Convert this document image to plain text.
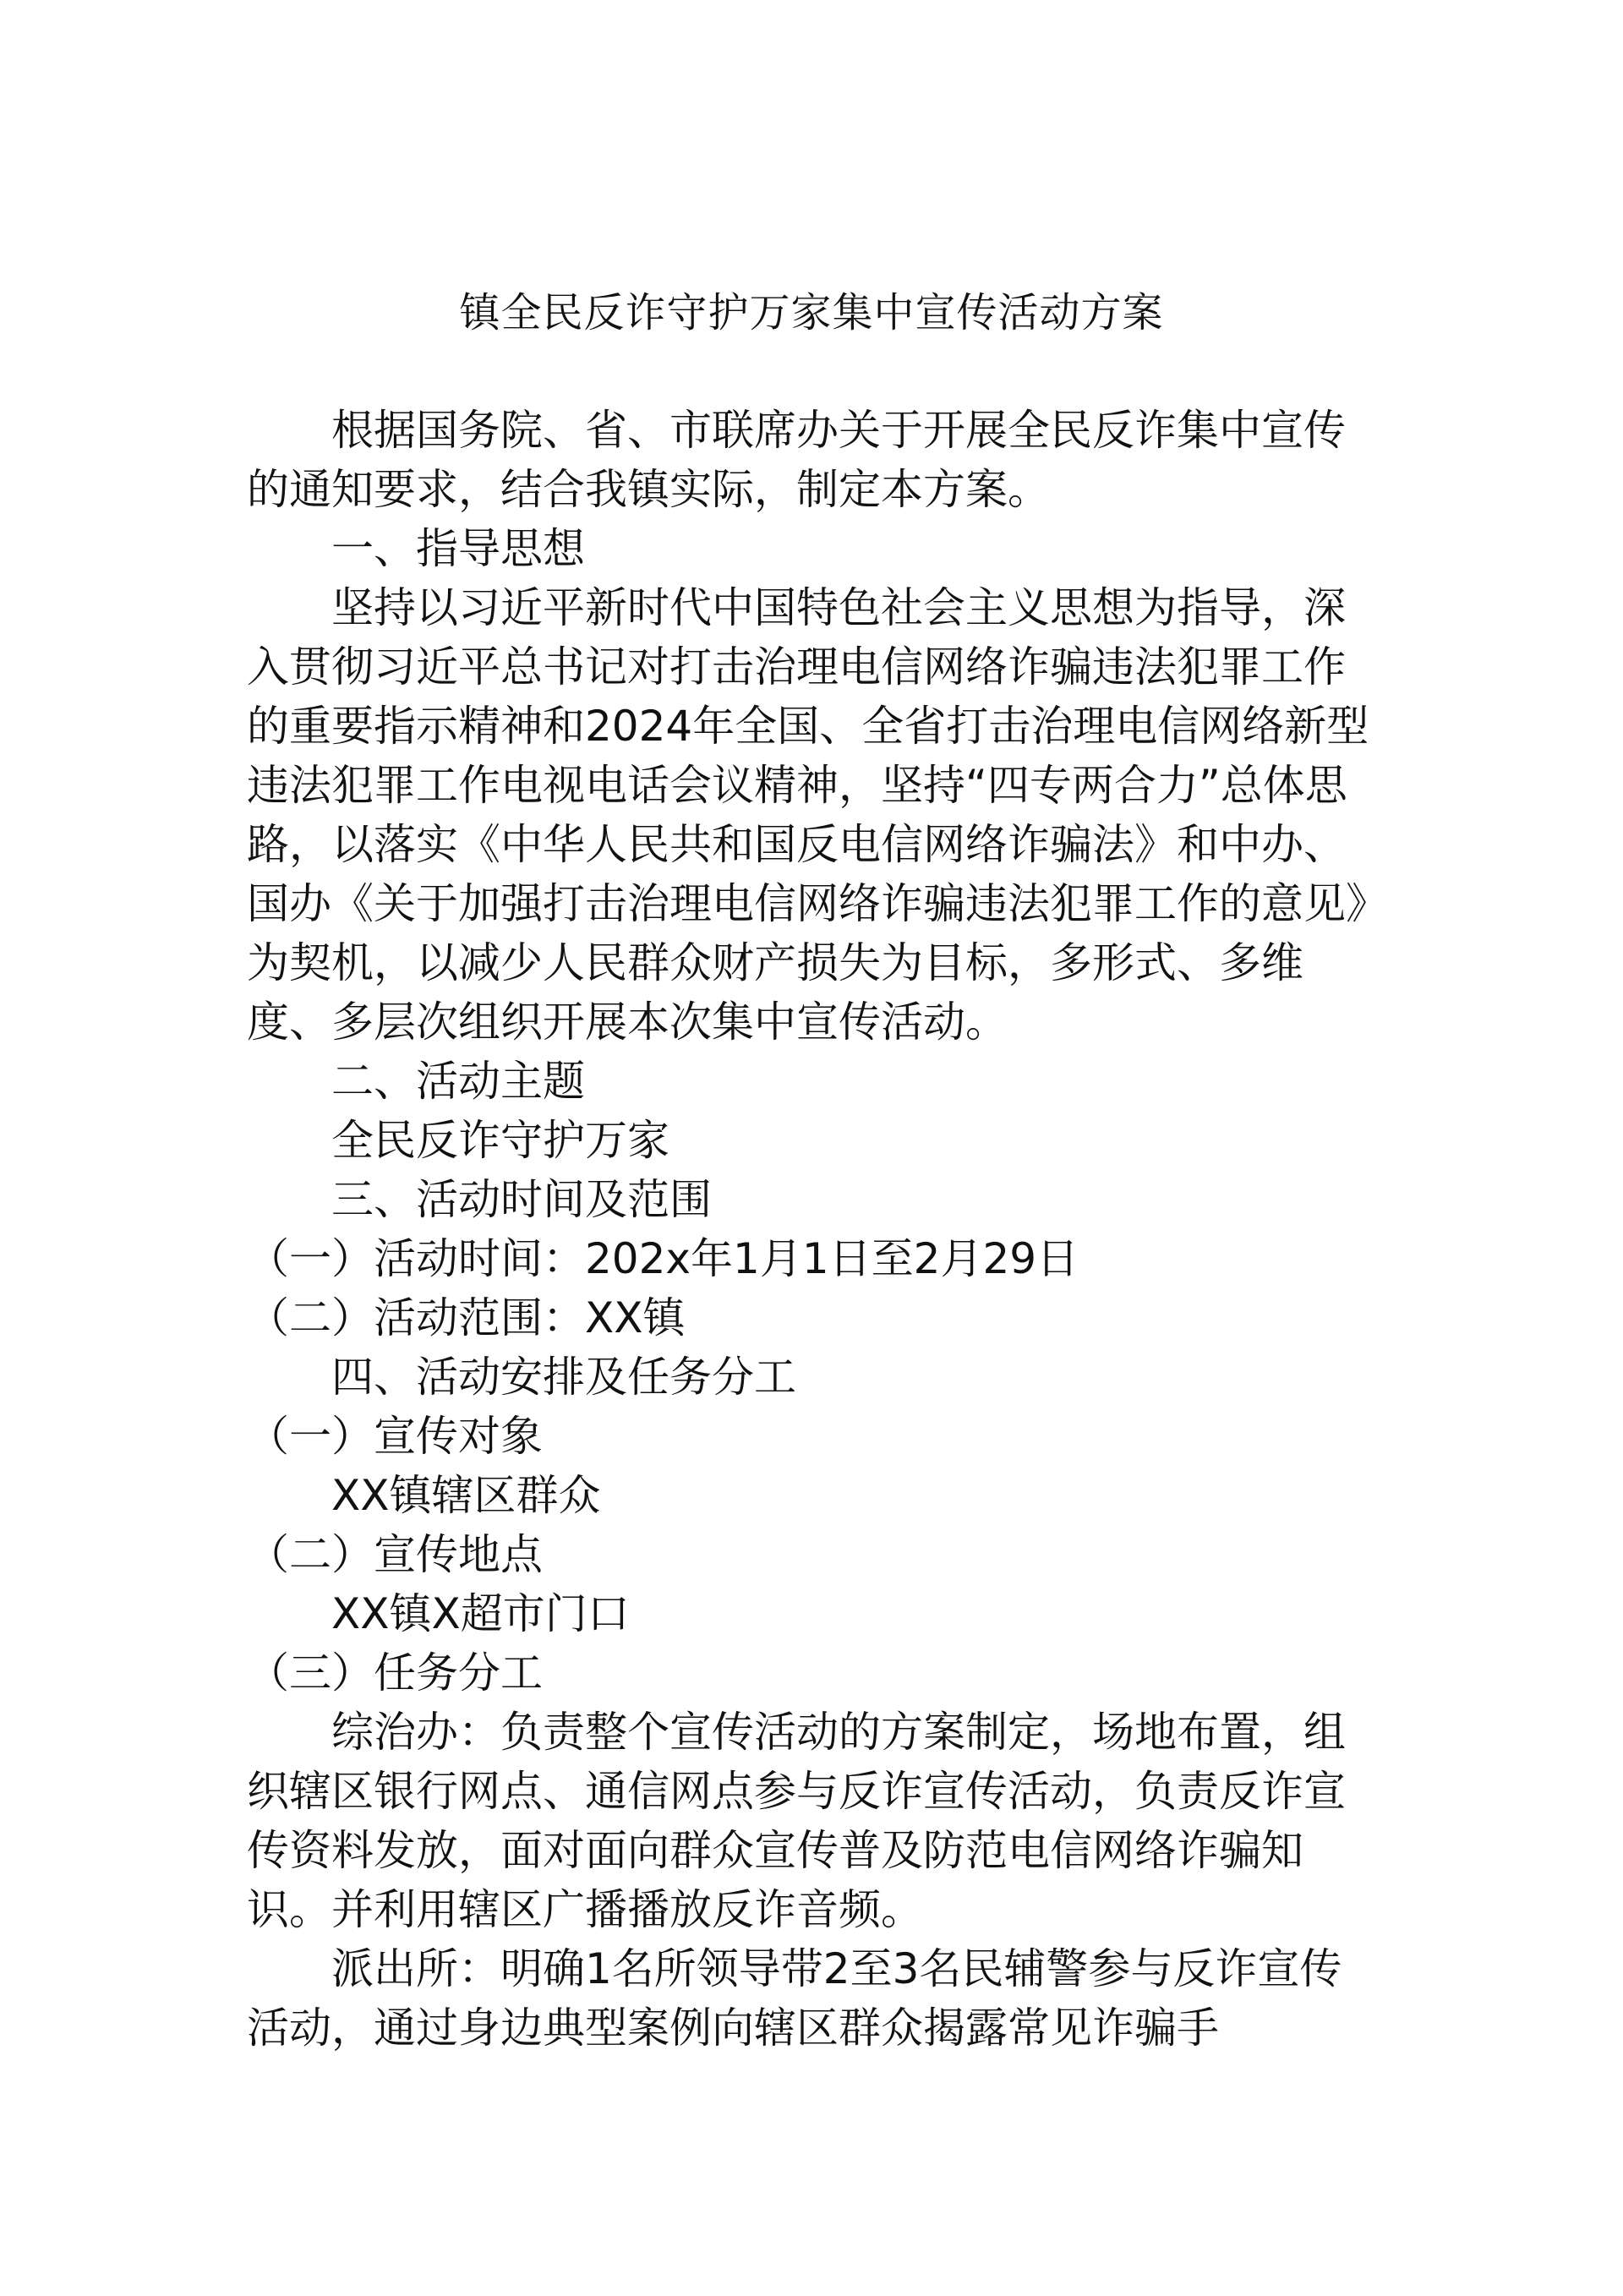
镇全民反诈守护万家集中宣传活动方案

根据国务院、省、市联席办关于开展全民反诈集中宣传的通知要求，结合我镇实际，制定本方案。

一、指导思想

坚持以习近平新时代中国特色社会主义思想为指导，深入贯彻习近平总书记对打击治理电信网络诈骗违法犯罪工作的重要指示精神和2024年全国、全省打击治理电信网络新型违法犯罪工作电视电话会议精神，坚持“四专两合力”总体思路，以落实《中华人民共和国反电信网络诈骗法》和中办、国办《关于加强打击治理电信网络诈骗违法犯罪工作的意见》为契机，以减少人民群众财产损失为目标，多形式、多维度、多层次组织开展本次集中宣传活动。

二、活动主题

全民反诈守护万家

三、活动时间及范围

（一）活动时间：202x年1月1日至2月29日

（二）活动范围：XX镇

四、活动安排及任务分工

（一）宣传对象

XX镇辖区群众

（二）宣传地点

XX镇X超市门口

（三）任务分工

综治办：负责整个宣传活动的方案制定，场地布置，组织辖区银行网点、通信网点参与反诈宣传活动，负责反诈宣传资料发放，面对面向群众宣传普及防范电信网络诈骗知识。并利用辖区广播播放反诈音频。

派出所：明确1名所领导带2至3名民辅警参与反诈宣传活动，通过身边典型案例向辖区群众揭露常见诈骗手
